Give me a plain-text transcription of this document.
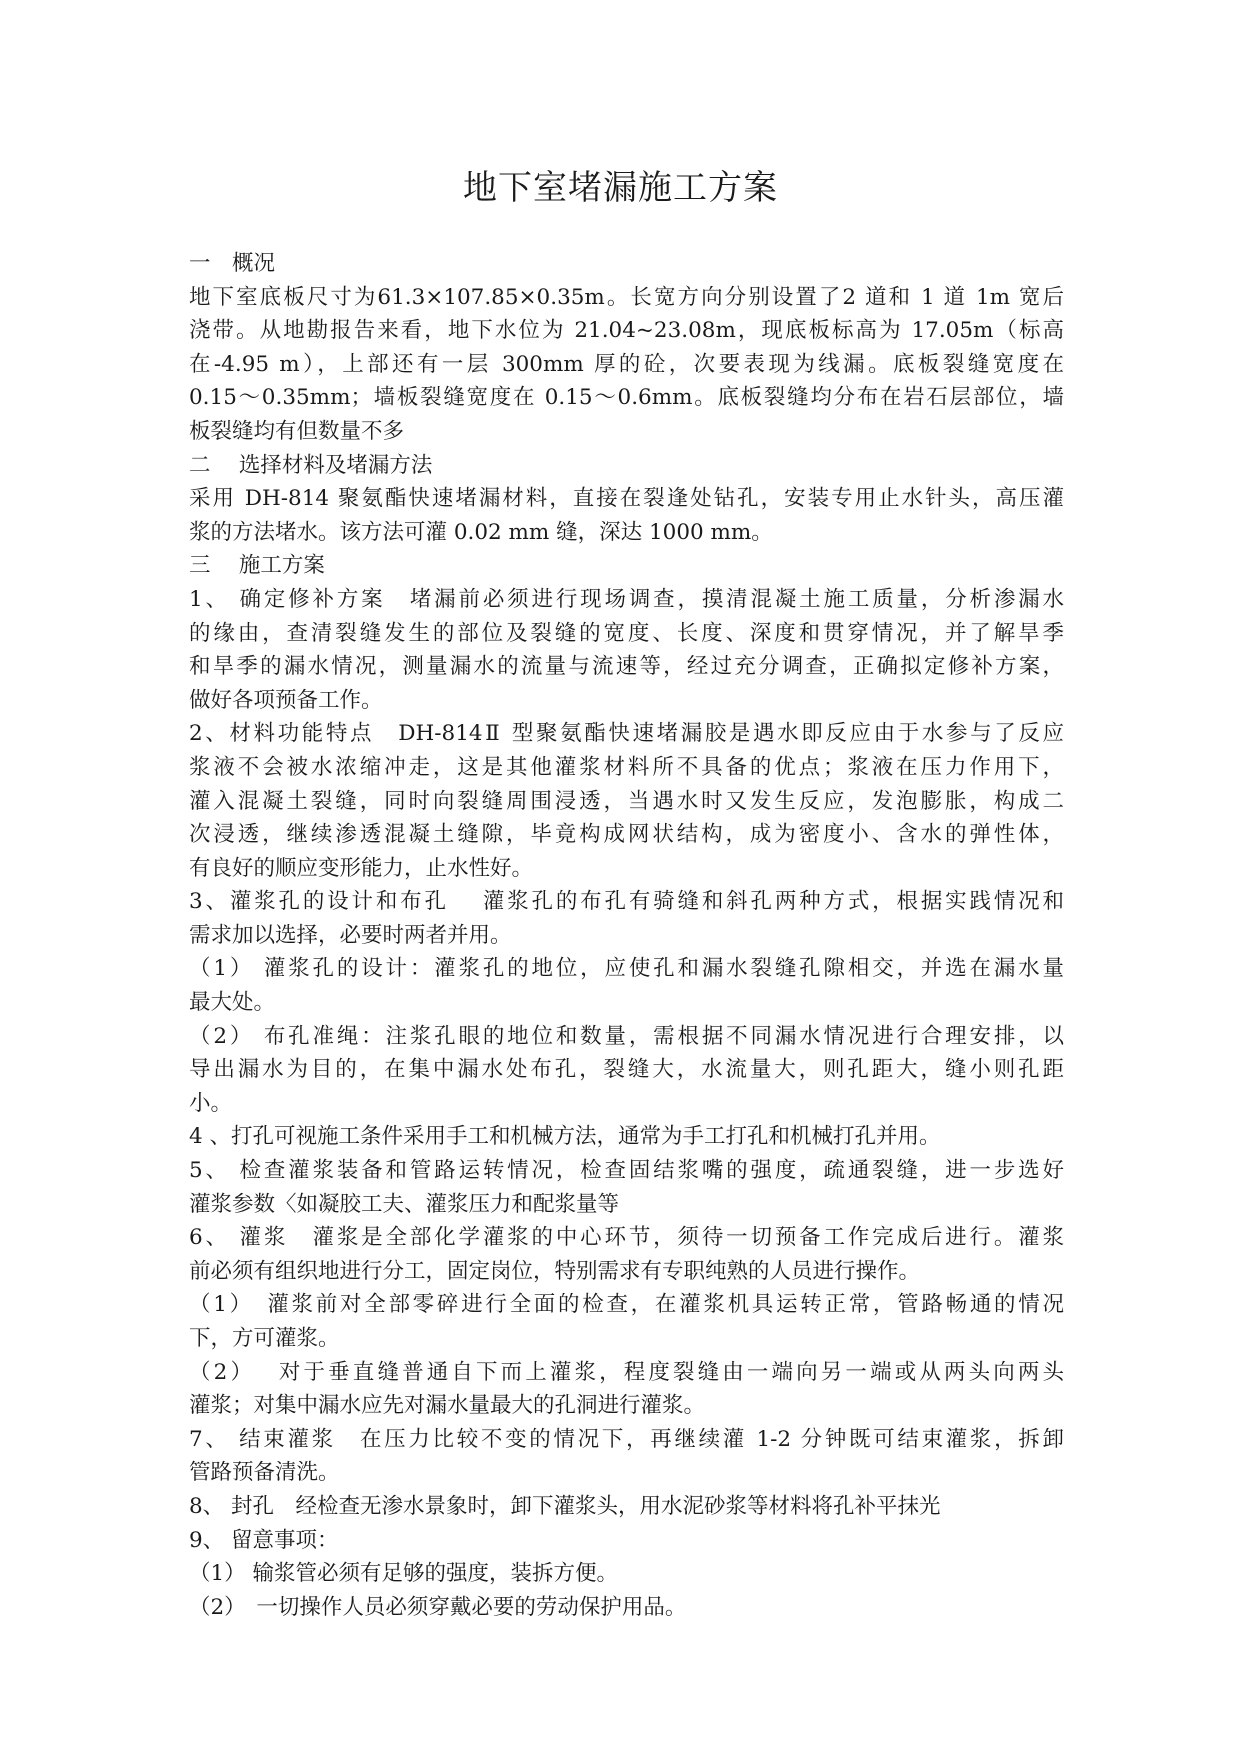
地下室堵漏施工方案
一　概况
地下室底板尺寸为61.3×107.85×0.35m。长宽方向分别设置了2 道和 1 道 1m 宽后
浇带。从地勘报告来看，地下水位为 21.04~23.08m，现底板标高为 17.05m（标高
在-4.95 m），上部还有一层 300mm 厚的砼，次要表现为线漏。底板裂缝宽度在
0.15～0.35mm；墙板裂缝宽度在 0.15～0.6mm。底板裂缝均分布在岩石层部位，墙
板裂缝均有但数量不多
二　 选择材料及堵漏方法
采用 DH-814 聚氨酯快速堵漏材料，直接在裂逢处钻孔，安装专用止水针头，高压灌
浆的方法堵水。该方法可灌 0.02 mm 缝，深达 1000 mm。
三　 施工方案
1、 确定修补方案　堵漏前必须进行现场调查，摸清混凝土施工质量，分析渗漏水
的缘由，查清裂缝发生的部位及裂缝的宽度、长度、深度和贯穿情况，并了解旱季
和旱季的漏水情况，测量漏水的流量与流速等，经过充分调查，正确拟定修补方案，
做好各项预备工作。
2、材料功能特点　DH-814Ⅱ 型聚氨酯快速堵漏胶是遇水即反应由于水参与了反应
浆液不会被水浓缩冲走，这是其他灌浆材料所不具备的优点；浆液在压力作用下，
灌入混凝土裂缝，同时向裂缝周围浸透，当遇水时又发生反应，发泡膨胀，构成二
次浸透，继续渗透混凝土缝隙，毕竟构成网状结构，成为密度小、含水的弹性体，
有良好的顺应变形能力，止水性好。
3、灌浆孔的设计和布孔　 灌浆孔的布孔有骑缝和斜孔两种方式，根据实践情况和
需求加以选择，必要时两者并用。
（1） 灌浆孔的设计：灌浆孔的地位，应使孔和漏水裂缝孔隙相交，并选在漏水量
最大处。
（2） 布孔准绳：注浆孔眼的地位和数量，需根据不同漏水情况进行合理安排，以
导出漏水为目的，在集中漏水处布孔，裂缝大，水流量大，则孔距大，缝小则孔距
小。
4 、打孔可视施工条件采用手工和机械方法，通常为手工打孔和机械打孔并用。
5、 检查灌浆装备和管路运转情况，检查固结浆嘴的强度，疏通裂缝，进一步选好
灌浆参数〈如凝胶工夫、灌浆压力和配浆量等
6、 灌浆　灌浆是全部化学灌浆的中心环节，须待一切预备工作完成后进行。灌浆
前必须有组织地进行分工，固定岗位，特别需求有专职纯熟的人员进行操作。
（1）　灌浆前对全部零碎进行全面的检查，在灌浆机具运转正常，管路畅通的情况
下，方可灌浆。
（2）　 对于垂直缝普通自下而上灌浆，程度裂缝由一端向另一端或从两头向两头
灌浆；对集中漏水应先对漏水量最大的孔洞进行灌浆。
7、 结束灌浆　在压力比较不变的情况下，再继续灌 1-2 分钟既可结束灌浆，拆卸
管路预备清洗。
8、 封孔　经检查无渗水景象时，卸下灌浆头，用水泥砂浆等材料将孔补平抹光
9、 留意事项：
（1） 输浆管必须有足够的强度，装拆方便。
（2）　一切操作人员必须穿戴必要的劳动保护用品。
